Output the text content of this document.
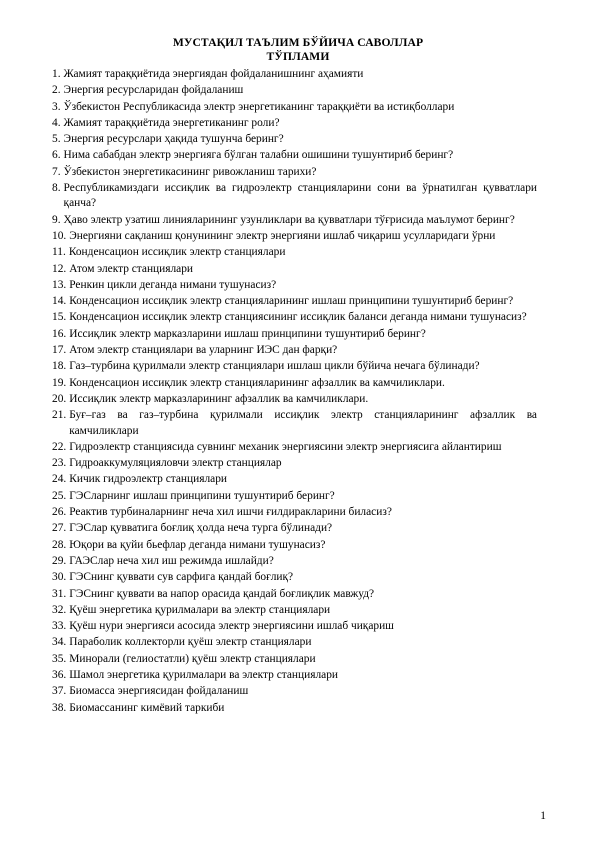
МУСТАҚИЛ ТАЪЛИМ БЎЙИЧА САВОЛЛАР
ТЎПЛАМИ
1. Жамият тараққиётида энергиядан фойдаланишнинг аҳамияти
2. Энергия ресурсларидан фойдаланиш
3. Ўзбекистон Республикасида электр энергетиканинг тараққиёти ва истиқболлари
4. Жамият тараққиётида энергетиканинг роли?
5. Энергия ресурслари ҳақида тушунча беринг?
6. Нима сабабдан электр энергияга бўлган талабни ошишини тушунтириб беринг?
7. Ўзбекистон энергетикасининг ривожланиш тарихи?
8. Республикамиздаги иссиқлик ва гидроэлектр станцияларини сони ва ўрнатилган қувватлари қанча?
9. Ҳаво электр узатиш линияларининг узунликлари ва қувватлари тўғрисида маълумот беринг?
10. Энергияни сақланиш қонунининг электр энергияни ишлаб чиқариш усулларидаги ўрни
11. Конденсацион иссиқлик электр станциялари
12. Атом электр станциялари
13. Ренкин цикли деганда нимани тушунасиз?
14. Конденсацион иссиқлик электр станцияларининг ишлаш принципини тушунтириб беринг?
15. Конденсацион иссиқлик электр станциясининг иссиқлик баланси деганда нимани тушунасиз?
16. Иссиқлик электр марказларини ишлаш принципини тушунтириб беринг?
17. Атом электр станциялари ва уларнинг ИЭС дан фарқи?
18. Газ–турбина қурилмали электр станциялари ишлаш цикли бўйича нечага бўлинади?
19. Конденсацион иссиқлик электр станцияларининг афзаллик ва камчиликлари.
20. Иссиқлик электр марказларининг афзаллик ва камчиликлари.
21. Буғ–газ ва газ–турбина қурилмали иссиқлик электр станцияларининг афзаллик ва камчиликлари
22. Гидроэлектр станциясида сувнинг механик энергиясини электр энергиясига айлантириш
23. Гидроаккумуляцияловчи электр станциялар
24. Кичик гидроэлектр станциялари
25. ГЭСларнинг ишлаш принципини тушунтириб беринг?
26. Реактив турбиналарнинг неча хил ишчи ғилдиракларини биласиз?
27. ГЭСлар қувватига боғлиқ ҳолда неча турга бўлинади?
28. Юқори ва қуйи бьефлар деганда нимани тушунасиз?
29. ГАЭСлар неча хил иш режимда ишлайди?
30. ГЭСнинг қуввати сув сарфига қандай боғлиқ?
31. ГЭСнинг қуввати ва напор орасида қандай боғлиқлик мавжуд?
32. Қуёш энергетика қурилмалари ва электр станциялари
33. Қуёш нури энергияси асосида электр энергиясини ишлаб чиқариш
34. Параболик коллекторли қуёш электр станциялари
35. Минорали (гелиостатли) қуёш электр станциялари
36. Шамол энергетика қурилмалари ва электр станциялари
37. Биомасса энергиясидан фойдаланиш
38. Биомассанинг кимёвий таркиби
1
